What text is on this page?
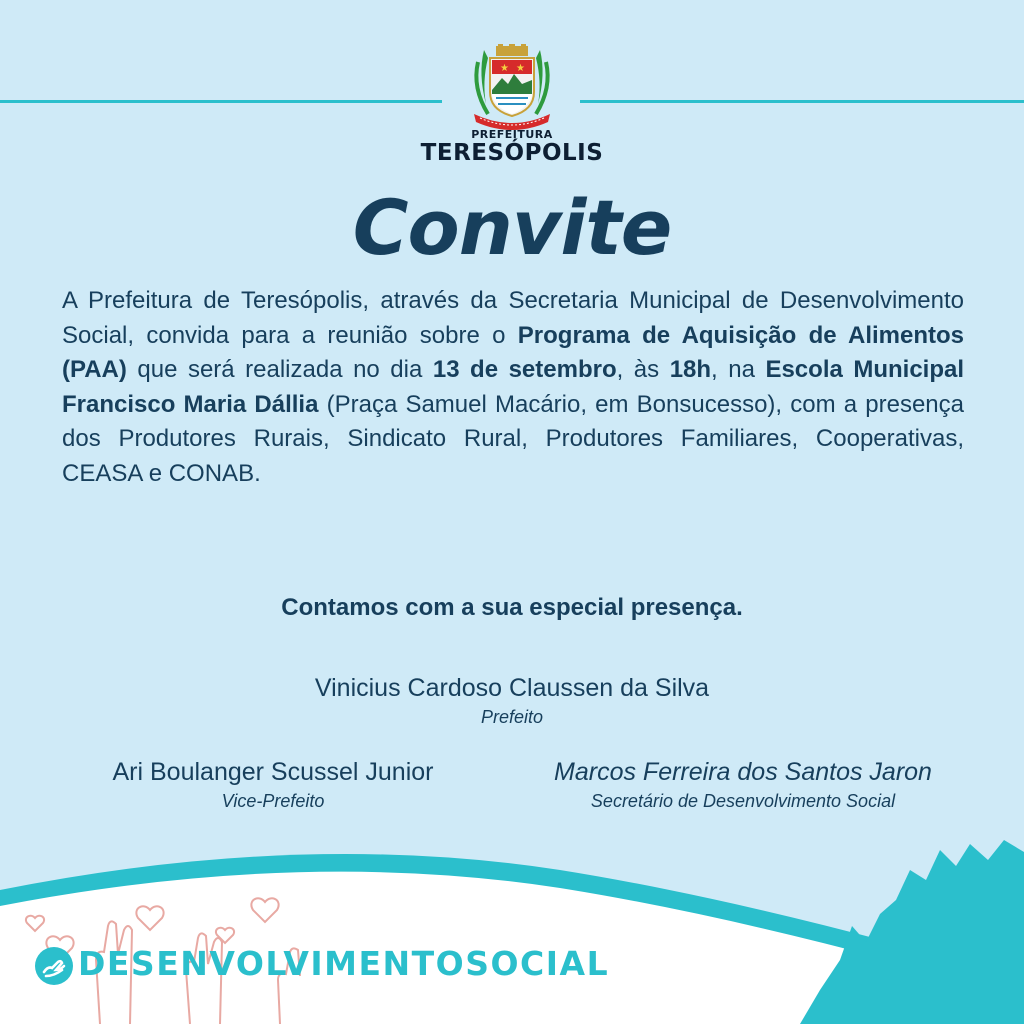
★ ★
PREFEITURA
TERESÓPOLIS
Convite
A Prefeitura de Teresópolis, através da Secretaria Municipal de Desenvolvimento Social, convida para a reunião sobre o Programa de Aquisição de Alimentos (PAA) que será realizada no dia 13 de setembro, às 18h, na Escola Municipal Francisco Maria Dállia (Praça Samuel Macário, em Bonsucesso), com a presença dos Produtores Rurais, Sindicato Rural, Produtores Familiares, Cooperativas, CEASA e CONAB.
Contamos com a sua especial presença.
Vinicius Cardoso Claussen da Silva
Prefeito
Ari Boulanger Scussel Junior
Vice-Prefeito
Marcos Ferreira dos Santos Jaron
Secretário de Desenvolvimento Social
DESENVOLVIMENTOSOCIAL
